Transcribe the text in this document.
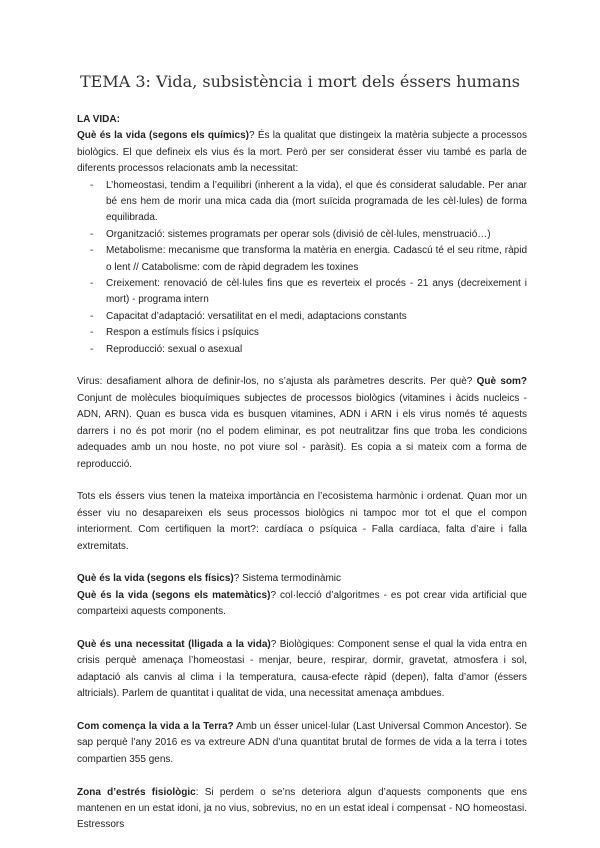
TEMA 3: Vida, subsistència i mort dels éssers humans

LA VIDA:

Què és la vida (segons els químics)? És la qualitat que distingeix la matèria subjecte a processos biològics. El que defineix els vius és la mort. Però per ser considerat ésser viu també es parla de diferents processos relacionats amb la necessitat:

- L’homeostasi, tendim a l’equilibri (inherent a la vida), el que és considerat saludable. Per anar bé ens hem de morir una mica cada dia (mort suïcida programada de les cèl·lules) de forma equilibrada.
- Organització: sistemes programats per operar sols (divisió de cèl·lules, menstruació…)
- Metabolisme: mecanisme que transforma la matèria en energia. Cadascú té el seu ritme, ràpid o lent // Catabolisme: com de ràpid degradem les toxines
- Creixement: renovació de cèl·lules fins que es reverteix el procés - 21 anys (decreixement i mort) - programa intern
- Capacitat d’adaptació: versatilitat en el medi, adaptacions constants
- Respon a estímuls físics i psíquics
- Reproducció: sexual o asexual

Virus: desafiament alhora de definir-los, no s’ajusta als paràmetres descrits. Per què? Què som? Conjunt de molècules bioquímiques subjectes de processos biològics (vitamines i àcids nucleics - ADN, ARN). Quan es busca vida es busquen vitamines, ADN i ARN i els virus només té aquests darrers i no és pot morir (no el podem eliminar, es pot neutralitzar fins que troba les condicions adequades amb un nou hoste, no pot viure sol - paràsit). Es copia a si mateix com a forma de reproducció.

Tots els éssers vius tenen la mateixa importància en l’ecosistema harmònic i ordenat. Quan mor un ésser viu no desapareixen els seus processos biològics ni tampoc mor tot el que el compon interiorment. Com certifiquen la mort?: cardíaca o psíquica - Falla cardíaca, falta d’aire i falla extremitats.

Què és la vida (segons els físics)? Sistema termodinàmic

Què és la vida (segons els matemàtics)? col·lecció d’algoritmes - es pot crear vida artificial que comparteixi aquests components.

Què és una necessitat (lligada a la vida)? Biològiques: Component sense el qual la vida entra en crisis perquè amenaça l’homeostasi - menjar, beure, respirar, dormir, gravetat, atmosfera i sol, adaptació als canvis al clima i la temperatura, causa-efecte ràpid (depen), falta d’amor (éssers altricials). Parlem de quantitat i qualitat de vida, una necessitat amenaça ambdues.

Com comença la vida a la Terra? Amb un ésser unicel·lular (Last Universal Common Ancestor). Se sap perquè l’any 2016 es va extreure ADN d’una quantitat brutal de formes de vida a la terra i totes compartien 355 gens.

Zona d’estrés fisiològic: Si perdem o se’ns deteriora algun d’aquests components que ens mantenen en un estat idoni, ja no vius, sobrevius, no en un estat ideal i compensat - NO homeostasi. Estressors
